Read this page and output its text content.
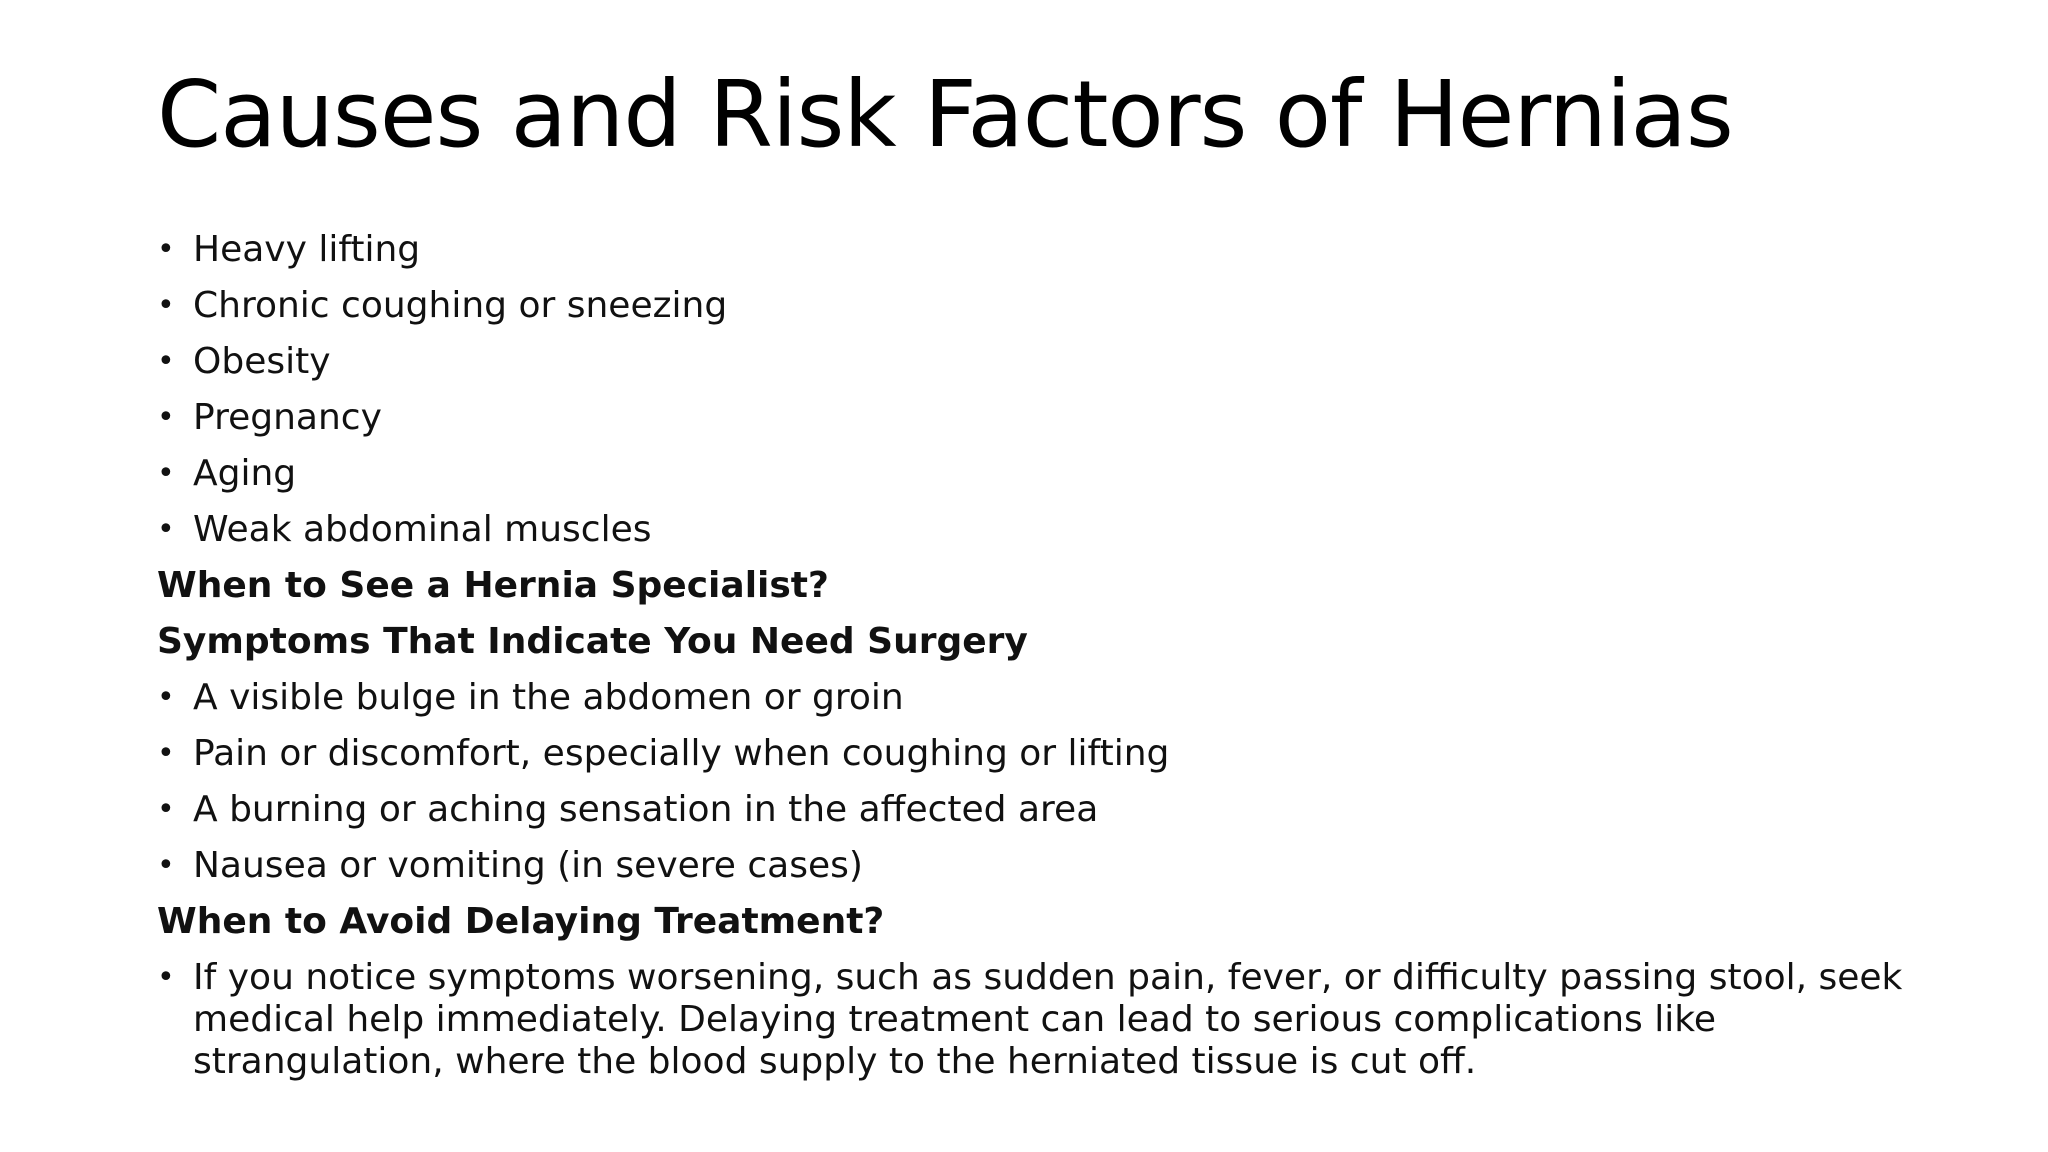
Causes and Risk Factors of Hernias
• Heavy lifting
• Chronic coughing or sneezing
• Obesity
• Pregnancy
• Aging
• Weak abdominal muscles
When to See a Hernia Specialist?
Symptoms That Indicate You Need Surgery
• A visible bulge in the abdomen or groin
• Pain or discomfort, especially when coughing or lifting
• A burning or aching sensation in the affected area
• Nausea or vomiting (in severe cases)
When to Avoid Delaying Treatment?
• If you notice symptoms worsening, such as sudden pain, fever, or difficulty passing stool, seek medical help immediately. Delaying treatment can lead to serious complications like strangulation, where the blood supply to the herniated tissue is cut off.
